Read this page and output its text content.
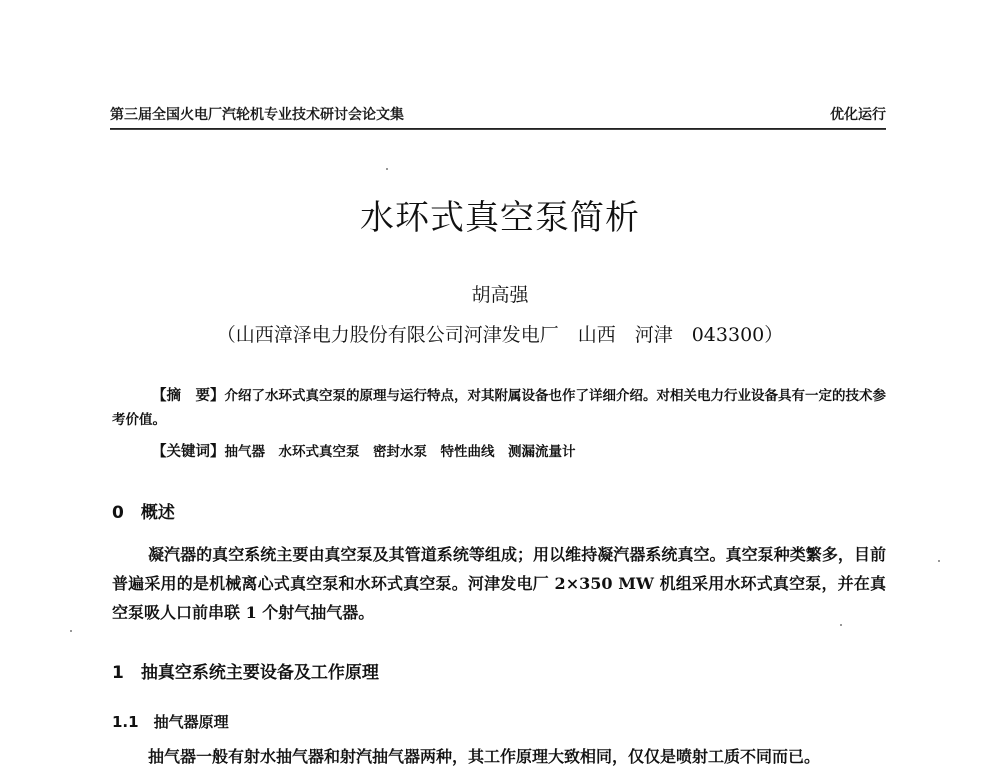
第三届全国火电厂汽轮机专业技术研讨会论文集	优化运行
水环式真空泵简析
胡高强
（山西漳泽电力股份有限公司河津发电厂　山西　河津　043300）
【摘　要】介绍了水环式真空泵的原理与运行特点，对其附属设备也作了详细介绍。对相关电力行业设备具有一定的技术参考价值。
【关键词】抽气器　水环式真空泵　密封水泵　特性曲线　测漏流量计
0　概述
凝汽器的真空系统主要由真空泵及其管道系统等组成；用以维持凝汽器系统真空。真空泵种类繁多，目前普遍采用的是机械离心式真空泵和水环式真空泵。河津发电厂 2×350 MW 机组采用水环式真空泵，并在真空泵吸人口前串联 1 个射气抽气器。
1　抽真空系统主要设备及工作原理
1.1　抽气器原理
抽气器一般有射水抽气器和射汽抽气器两种，其工作原理大致相同，仅仅是喷射工质不同而已。
